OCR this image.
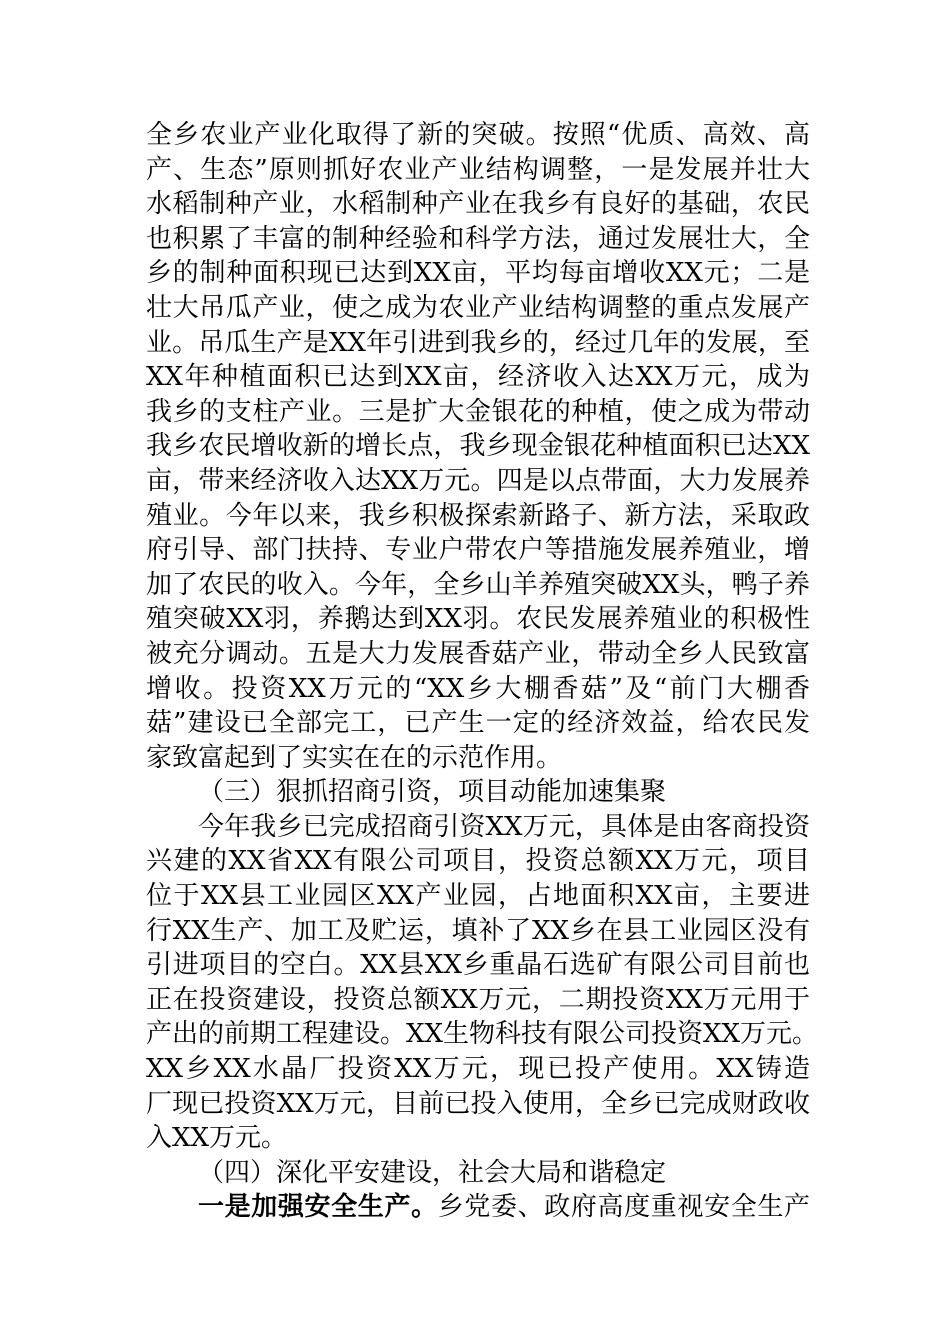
全乡农业产业化取得了新的突破。按照“优质、高效、高
产、生态”原则抓好农业产业结构调整，一是发展并壮大
水稻制种产业，水稻制种产业在我乡有良好的基础，农民
也积累了丰富的制种经验和科学方法，通过发展壮大，全
乡的制种面积现已达到XX亩，平均每亩增收XX元；二是
壮大吊瓜产业，使之成为农业产业结构调整的重点发展产
业。吊瓜生产是XX年引进到我乡的，经过几年的发展，至
XX年种植面积已达到XX亩，经济收入达XX万元，成为
我乡的支柱产业。三是扩大金银花的种植，使之成为带动
我乡农民增收新的增长点，我乡现金银花种植面积已达XX
亩，带来经济收入达XX万元。四是以点带面，大力发展养
殖业。今年以来，我乡积极探索新路子、新方法，采取政
府引导、部门扶持、专业户带农户等措施发展养殖业，增
加了农民的收入。今年，全乡山羊养殖突破XX头，鸭子养
殖突破XX羽，养鹅达到XX羽。农民发展养殖业的积极性
被充分调动。五是大力发展香菇产业，带动全乡人民致富
增收。投资XX万元的“XX乡大棚香菇”及“前门大棚香
菇”建设已全部完工，已产生一定的经济效益，给农民发
家致富起到了实实在在的示范作用。
（三）狠抓招商引资，项目动能加速集聚
今年我乡已完成招商引资XX万元，具体是由客商投资
兴建的XX省XX有限公司项目，投资总额XX万元，项目
位于XX县工业园区XX产业园，占地面积XX亩，主要进
行XX生产、加工及贮运，填补了XX乡在县工业园区没有
引进项目的空白。XX县XX乡重晶石选矿有限公司目前也
正在投资建设，投资总额XX万元，二期投资XX万元用于
产出的前期工程建设。XX生物科技有限公司投资XX万元。
XX乡XX水晶厂投资XX万元，现已投产使用。XX铸造
厂现已投资XX万元，目前已投入使用，全乡已完成财政收
入XX万元。
（四）深化平安建设，社会大局和谐稳定
一是加强安全生产。乡党委、政府高度重视安全生产
